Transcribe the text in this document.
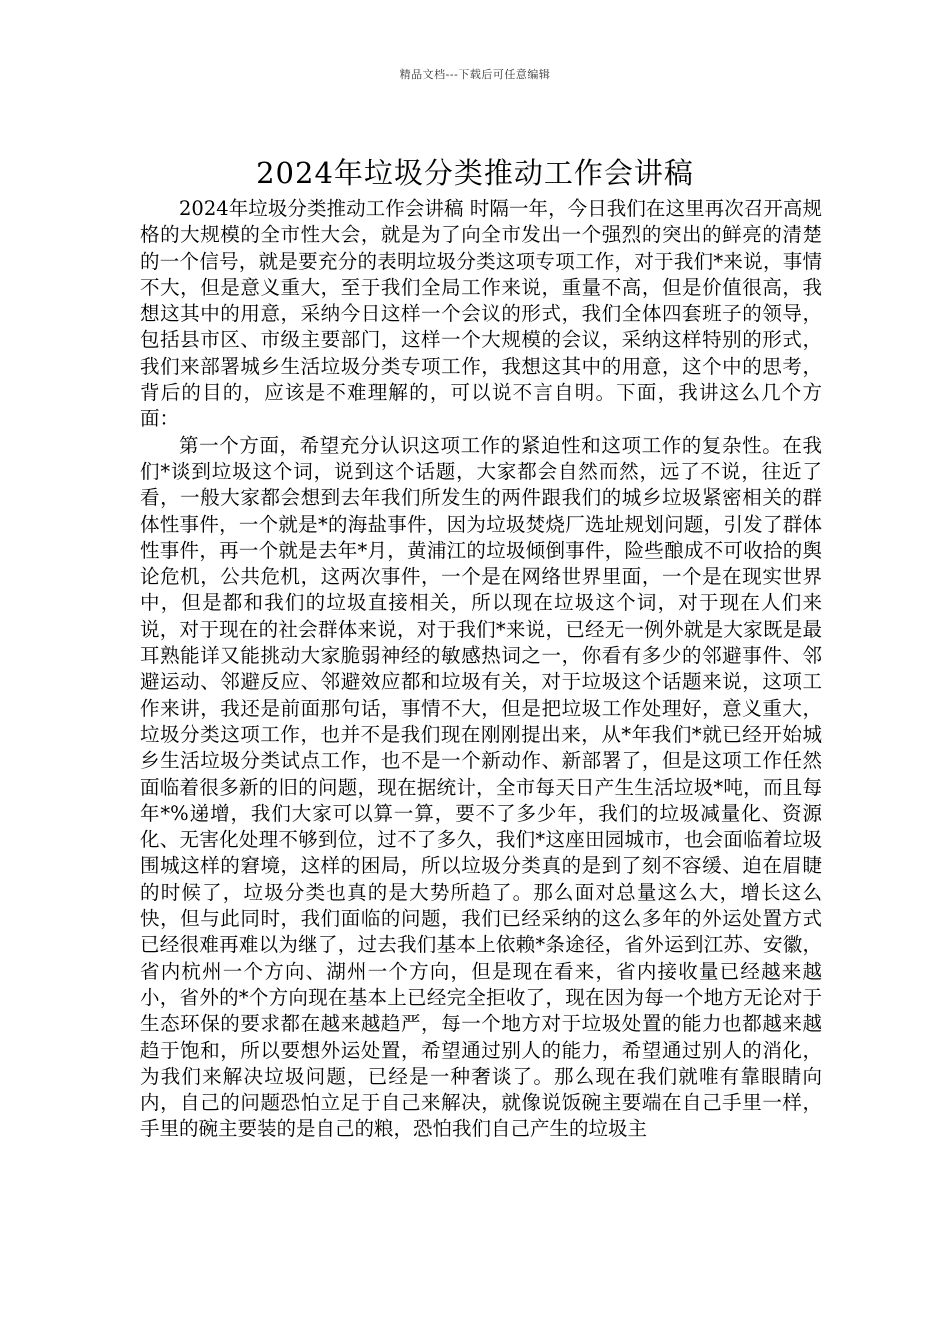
精品文档---下载后可任意编辑
2024年垃圾分类推动工作会讲稿

2024年垃圾分类推动工作会讲稿 时隔一年，今日我们在这里再次召开高规格的大规模的全市性大会，就是为了向全市发出一个强烈的突出的鲜亮的清楚的一个信号，就是要充分的表明垃圾分类这项专项工作，对于我们*来说，事情不大，但是意义重大，至于我们全局工作来说，重量不高，但是价值很高，我想这其中的用意，采纳今日这样一个会议的形式，我们全体四套班子的领导，包括县市区、市级主要部门，这样一个大规模的会议，采纳这样特别的形式，我们来部署城乡生活垃圾分类专项工作，我想这其中的用意，这个中的思考，背后的目的，应该是不难理解的，可以说不言自明。下面，我讲这么几个方面：

第一个方面，希望充分认识这项工作的紧迫性和这项工作的复杂性。在我们*谈到垃圾这个词，说到这个话题，大家都会自然而然，远了不说，往近了看，一般大家都会想到去年我们所发生的两件跟我们的城乡垃圾紧密相关的群体性事件，一个就是*的海盐事件，因为垃圾焚烧厂选址规划问题，引发了群体性事件，再一个就是去年*月，黄浦江的垃圾倾倒事件，险些酿成不可收拾的舆论危机，公共危机，这两次事件，一个是在网络世界里面，一个是在现实世界中，但是都和我们的垃圾直接相关，所以现在垃圾这个词，对于现在人们来说，对于现在的社会群体来说，对于我们*来说，已经无一例外就是大家既是最耳熟能详又能挑动大家脆弱神经的敏感热词之一，你看有多少的邻避事件、邻避运动、邻避反应、邻避效应都和垃圾有关，对于垃圾这个话题来说，这项工作来讲，我还是前面那句话，事情不大，但是把垃圾工作处理好，意义重大，垃圾分类这项工作，也并不是我们现在刚刚提出来，从*年我们*就已经开始城乡生活垃圾分类试点工作，也不是一个新动作、新部署了，但是这项工作任然面临着很多新的旧的问题，现在据统计，全市每天日产生生活垃圾*吨，而且每年*%递增，我们大家可以算一算，要不了多少年，我们的垃圾减量化、资源化、无害化处理不够到位，过不了多久，我们*这座田园城市，也会面临着垃圾围城这样的窘境，这样的困局，所以垃圾分类真的是到了刻不容缓、迫在眉睫的时候了，垃圾分类也真的是大势所趋了。那么面对总量这么大，增长这么快，但与此同时，我们面临的问题，我们已经采纳的这么多年的外运处置方式已经很难再难以为继了，过去我们基本上依赖*条途径，省外运到江苏、安徽，省内杭州一个方向、湖州一个方向，但是现在看来，省内接收量已经越来越小，省外的*个方向现在基本上已经完全拒收了，现在因为每一个地方无论对于生态环保的要求都在越来越趋严，每一个地方对于垃圾处置的能力也都越来越趋于饱和，所以要想外运处置，希望通过别人的能力，希望通过别人的消化，为我们来解决垃圾问题，已经是一种奢谈了。那么现在我们就唯有靠眼睛向内，自己的问题恐怕立足于自己来解决，就像说饭碗主要端在自己手里一样，手里的碗主要装的是自己的粮，恐怕我们自己产生的垃圾主
